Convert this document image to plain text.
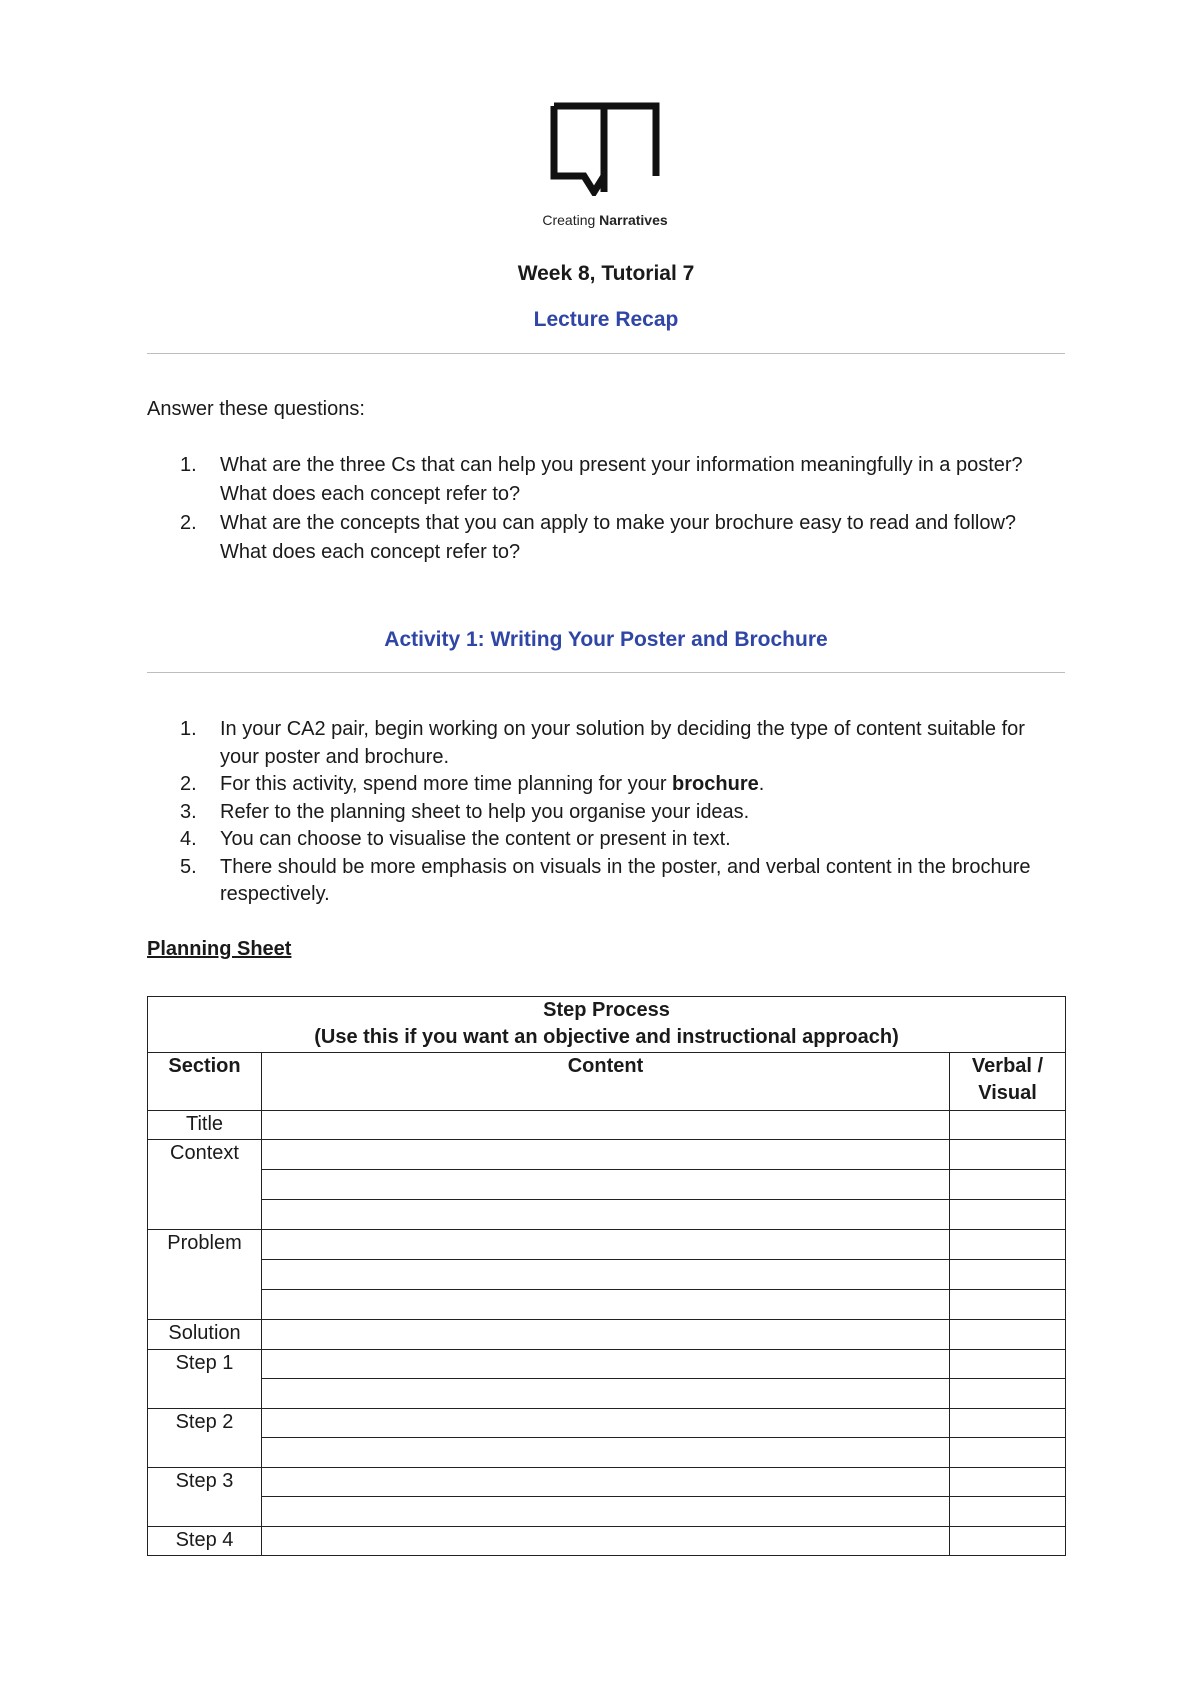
Creating Narratives
Week 8, Tutorial 7
Lecture Recap
Answer these questions:
1. What are the three Cs that can help you present your information meaningfully in a poster? What does each concept refer to?
2. What are the concepts that you can apply to make your brochure easy to read and follow? What does each concept refer to?
Activity 1: Writing Your Poster and Brochure
1. In your CA2 pair, begin working on your solution by deciding the type of content suitable for your poster and brochure.
2. For this activity, spend more time planning for your brochure.
3. Refer to the planning sheet to help you organise your ideas.
4. You can choose to visualise the content or present in text.
5. There should be more emphasis on visuals in the poster, and verbal content in the brochure respectively.
Planning Sheet
Step Process
(Use this if you want an objective and instructional approach)		

Section	Content	Verbal / Visual
Title		
Context		

Problem		

Solution		
Step 1		

Step 2		

Step 3		

Step 4		
